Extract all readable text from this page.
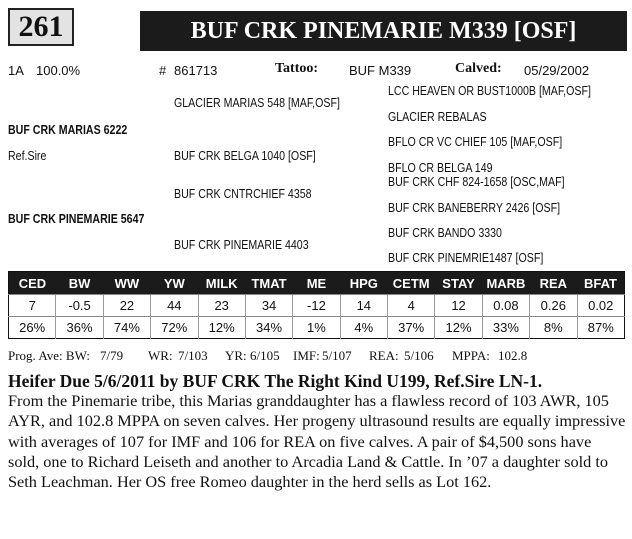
261	BUF CRK PINEMARIE M339 [OSF]
1A 100.0%	# 861713	Tattoo: BUF M339	Calved: 05/29/2002
BUF CRK MARIAS 6222
Ref.Sire
BUF CRK PINEMARIE 5647
GLACIER MARIAS 548 [MAF,OSF]
BUF CRK BELGA 1040 [OSF]
BUF CRK CNTRCHIEF 4358
BUF CRK PINEMARIE 4403
LCC HEAVEN OR BUST1000B [MAF,OSF]
GLACIER REBALAS
BFLO CR VC CHIEF 105 [MAF,OSF]
BFLO CR BELGA 149
BUF CRK CHF 824-1658 [OSC,MAF]
BUF CRK BANEBERRY 2426 [OSF]
BUF CRK BANDO 3330
BUF CRK PINEMRIE1487 [OSF]
CED	BW	WW	YW	MILK	TMAT	ME	HPG	CETM	STAY	MARB	REA	BFAT
7	-0.5	22	44	23	34	-12	14	4	12	0.08	0.26	0.02
26%	36%	74%	72%	12%	34%	1%	4%	37%	12%	33%	8%	87%
Prog. Ave: BW: 7/79 WR: 7/103 YR: 6/105 IMF: 5/107 REA: 5/106 MPPA: 102.8
Heifer Due 5/6/2011 by BUF CRK The Right Kind U199, Ref.Sire LN-1.
From the Pinemarie tribe, this Marias granddaughter has a flawless record of 103 AWR, 105 AYR, and 102.8 MPPA on seven calves. Her progeny ultrasound results are equally impressive with averages of 107 for IMF and 106 for REA on five calves. A pair of $4,500 sons have sold, one to Richard Leiseth and another to Arcadia Land & Cattle. In ’07 a daughter sold to Seth Leachman. Her OS free Romeo daughter in the herd sells as Lot 162.
